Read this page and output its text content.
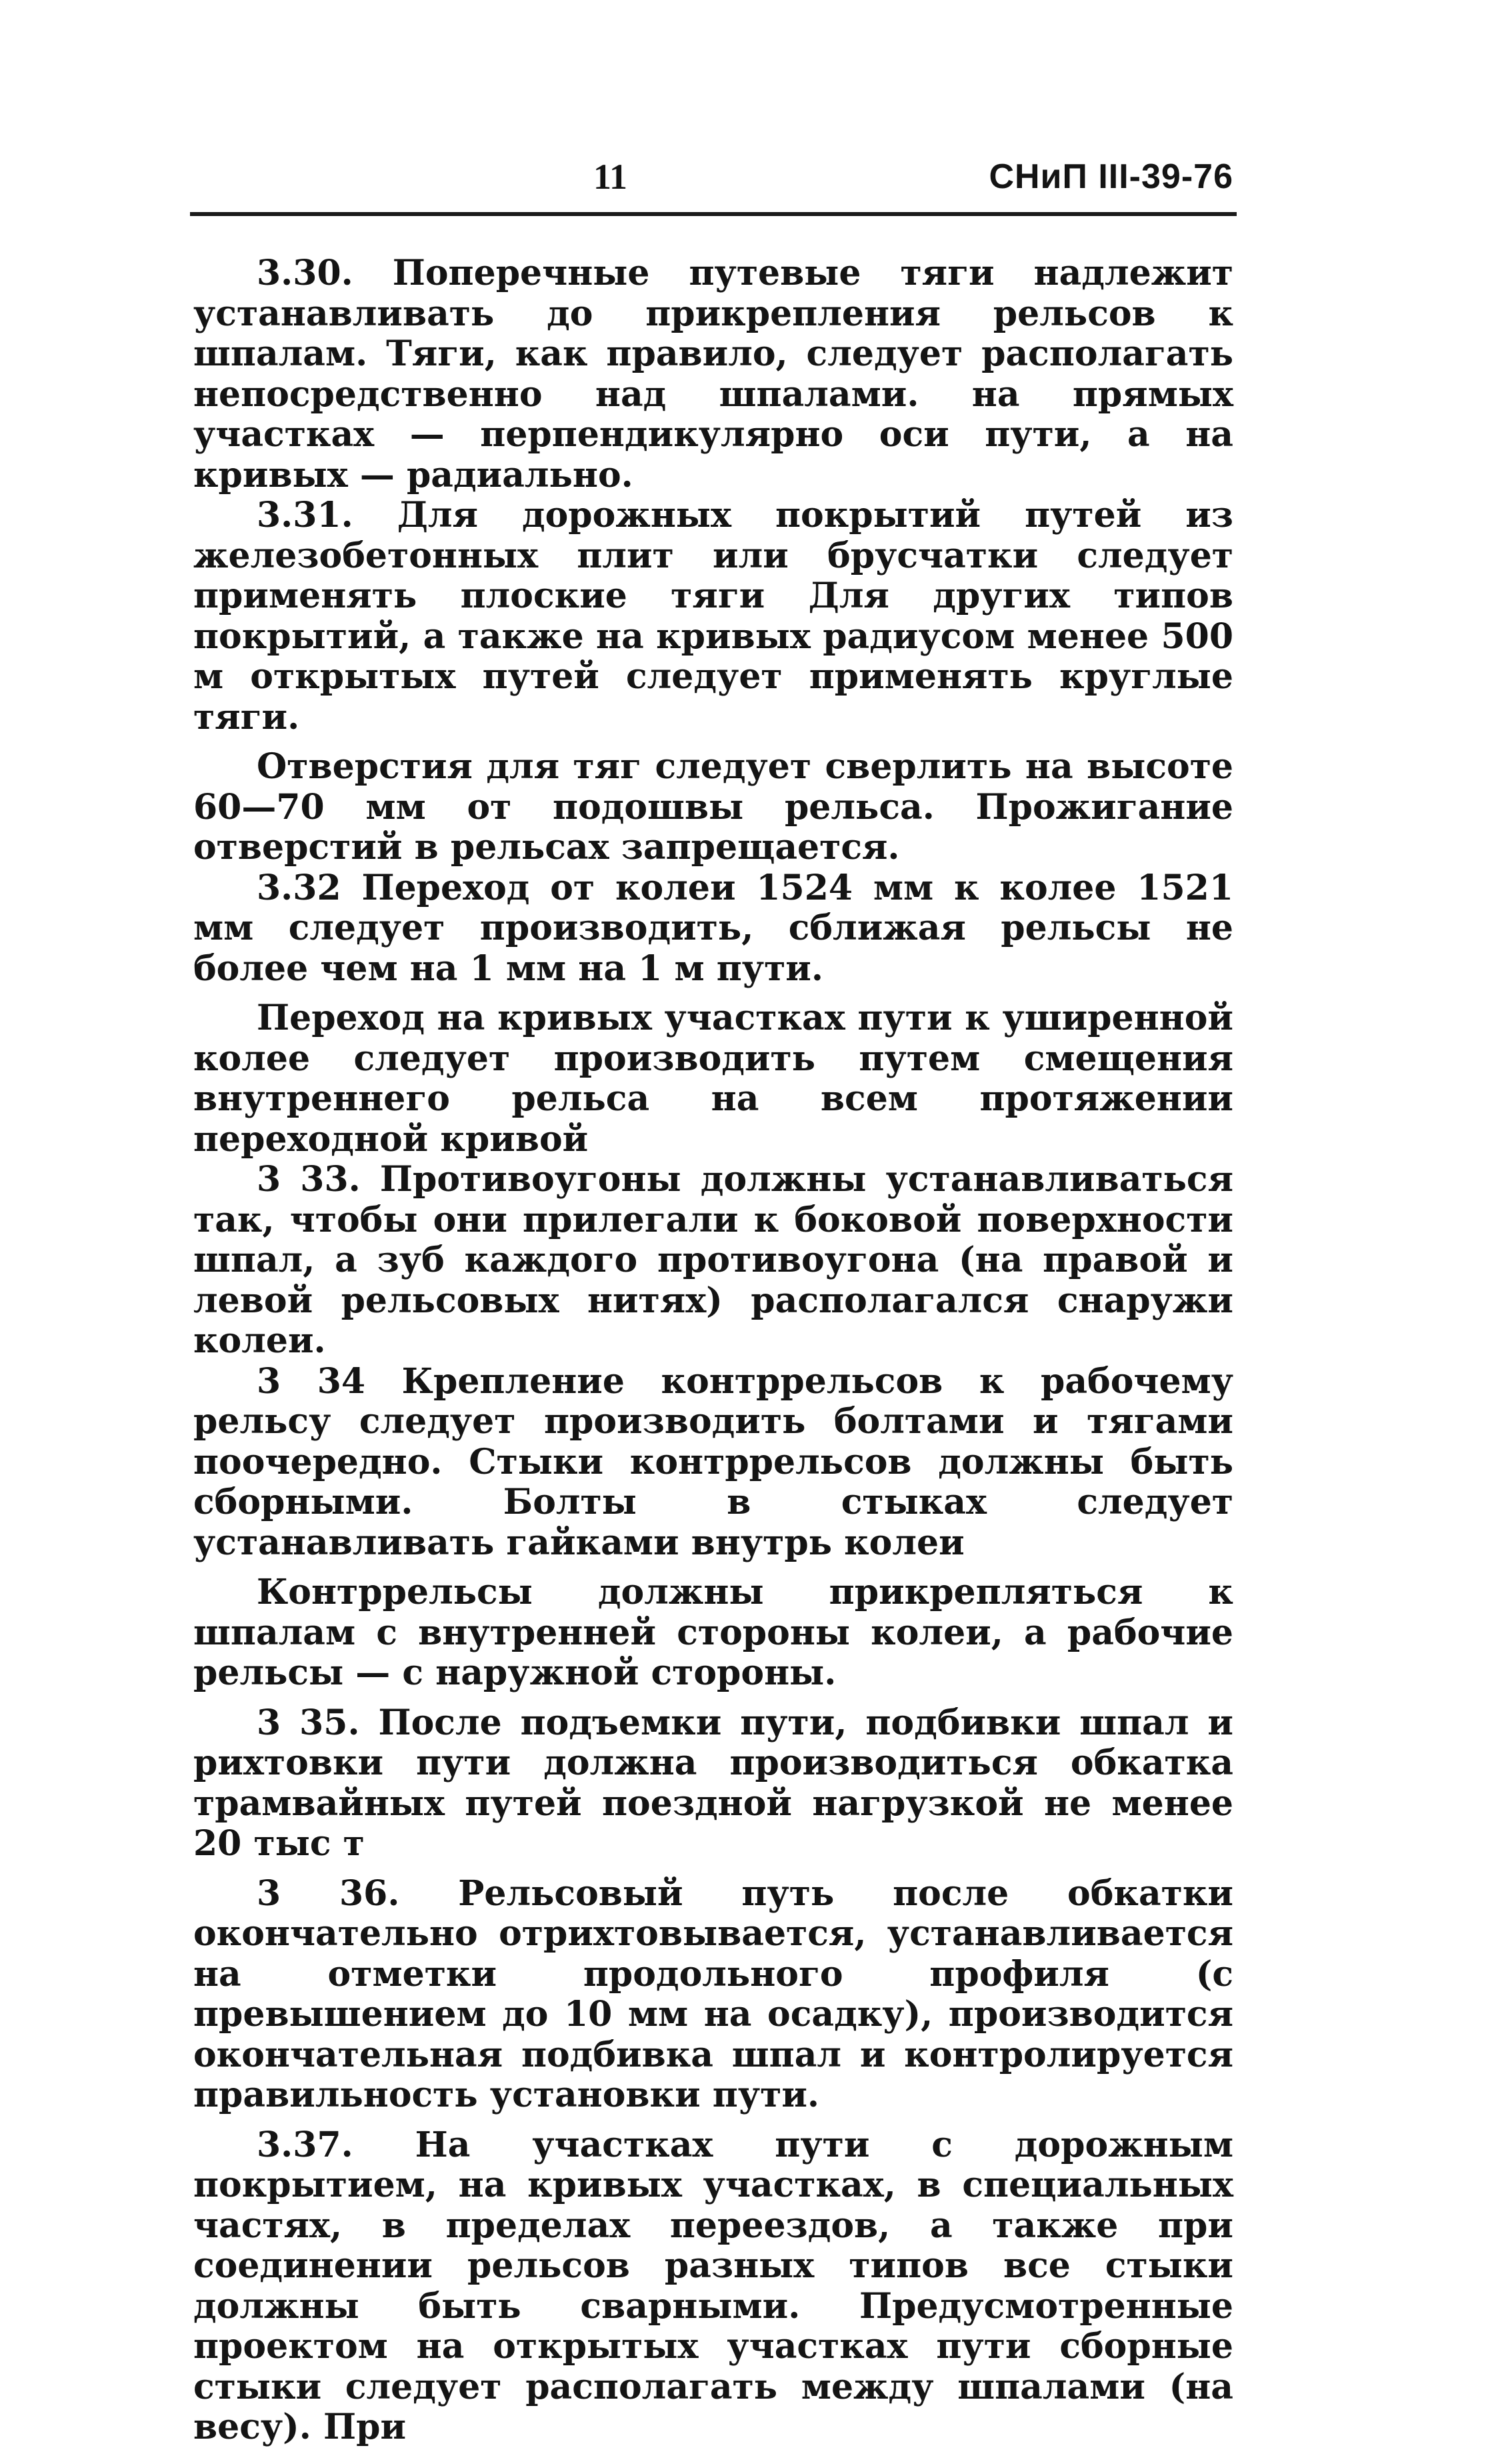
11	СНиП III-39-76

3.30. Поперечные путевые тяги надлежит устанавливать до прикрепления рельсов к шпалам. Тяги, как правило, следует располагать непосредственно над шпалами. на прямых участках — перпендикулярно оси пути, а на кривых — радиально.

3.31. Для дорожных покрытий путей из железобетонных плит или брусчатки следует применять плоские тяги Для других типов покрытий, а также на кривых радиусом менее 500 м открытых путей следует применять круглые тяги.

Отверстия для тяг следует сверлить на высоте 60—70 мм от подошвы рельса. Прожигание отверстий в рельсах запрещается.

3.32 Переход от колеи 1524 мм к колее 1521 мм следует производить, сближая рельсы не более чем на 1 мм на 1 м пути.

Переход на кривых участках пути к уширенной колее следует производить путем смещения внутреннего рельса на всем протяжении переходной кривой

3 33. Противоугоны должны устанавливаться так, чтобы они прилегали к боковой поверхности шпал, а зуб каждого противоугона (на правой и левой рельсовых нитях) располагался снаружи колеи.

3 34 Крепление контррельсов к рабочему рельсу следует производить болтами и тягами поочередно. Стыки контррельсов должны быть сборными. Болты в стыках следует устанавливать гайками внутрь колеи

Контррельсы должны прикрепляться к шпалам с внутренней стороны колеи, а рабочие рельсы — с наружной стороны.

3 35. После подъемки пути, подбивки шпал и рихтовки пути должна производиться обкатка трамвайных путей поездной нагрузкой не менее 20 тыс т

3 36. Рельсовый путь после обкатки окончательно отрихтовывается, устанавливается на отметки продольного профиля (с превышением до 10 мм на осадку), производится окончательная подбивка шпал и контролируется правильность установки пути.

3.37. На участках пути с дорожным покрытием, на кривых участках, в специальных частях, в пределах переездов, а также при соединении рельсов разных типов все стыки должны быть сварными. Предусмотренные проектом на открытых участках пути сборные стыки следует располагать между шпалами (на весу). При
